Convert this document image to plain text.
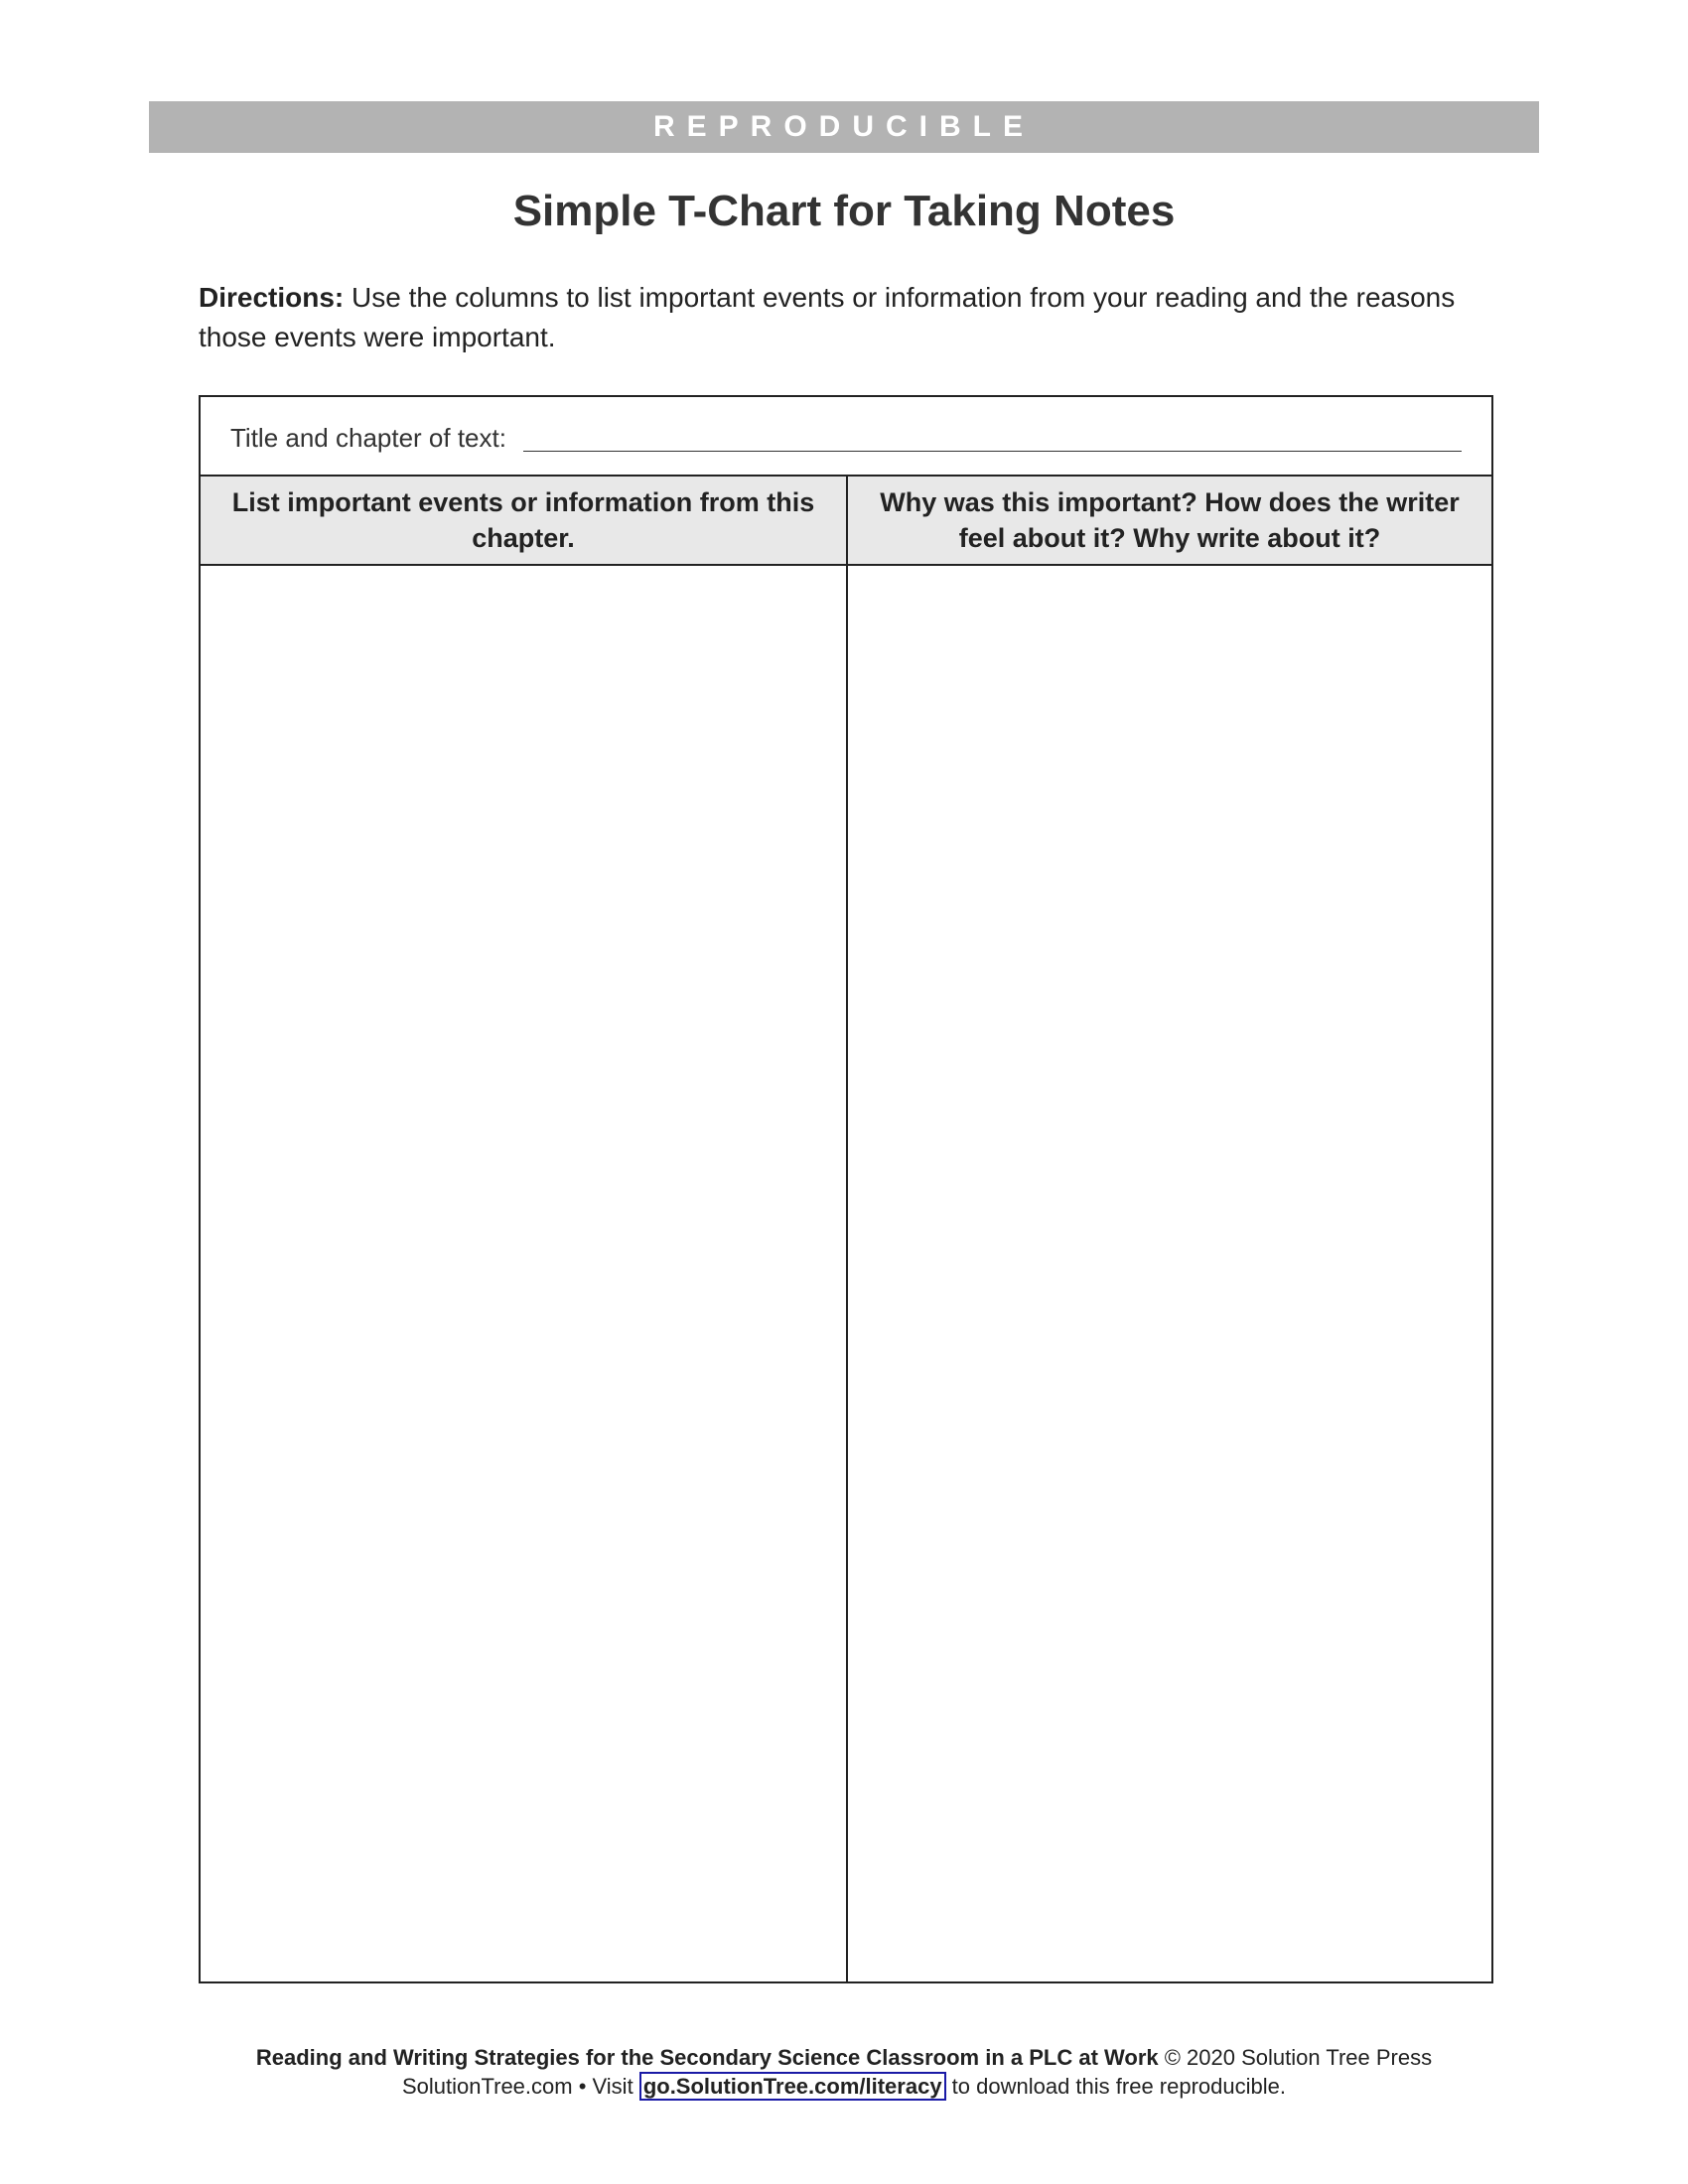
REPRODUCIBLE
Simple T-Chart for Taking Notes
Directions: Use the columns to list important events or information from your reading and the reasons those events were important.
Title and chapter of text:
List important events or information from this chapter.
Why was this important? How does the writer feel about it? Why write about it?
Reading and Writing Strategies for the Secondary Science Classroom in a PLC at Work © 2020 Solution Tree Press
SolutionTree.com • Visit go.SolutionTree.com/literacy to download this free reproducible.
